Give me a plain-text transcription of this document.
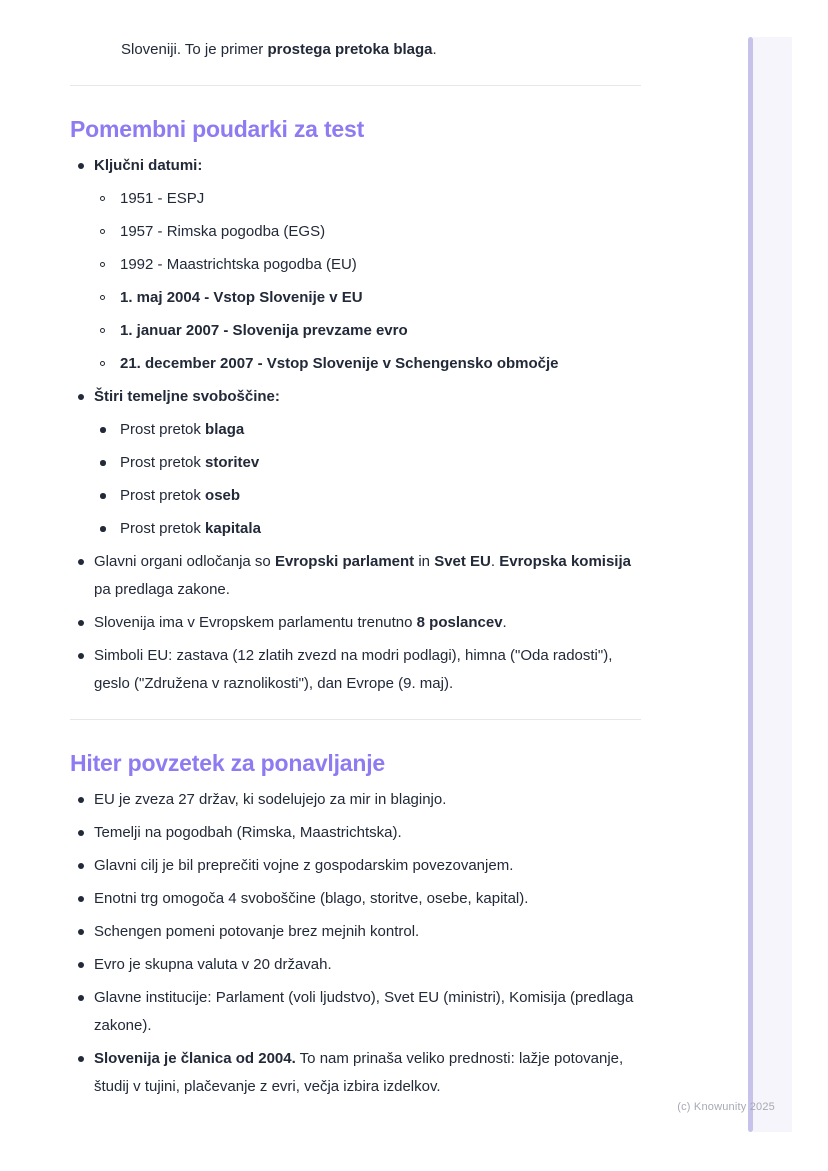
Sloveniji. To je primer prostega pretoka blaga.
Pomembni poudarki za test
Ključni datumi:
1951 - ESPJ
1957 - Rimska pogodba (EGS)
1992 - Maastrichtska pogodba (EU)
1. maj 2004 - Vstop Slovenije v EU
1. januar 2007 - Slovenija prevzame evro
21. december 2007 - Vstop Slovenije v Schengensko območje
Štiri temeljne svoboščine:
Prost pretok blaga
Prost pretok storitev
Prost pretok oseb
Prost pretok kapitala
Glavni organi odločanja so Evropski parlament in Svet EU. Evropska komisija pa predlaga zakone.
Slovenija ima v Evropskem parlamentu trenutno 8 poslancev.
Simboli EU: zastava (12 zlatih zvezd na modri podlagi), himna ("Oda radosti"), geslo ("Združena v raznolikosti"), dan Evrope (9. maj).
Hiter povzetek za ponavljanje
EU je zveza 27 držav, ki sodelujejo za mir in blaginjo.
Temelji na pogodbah (Rimska, Maastrichtska).
Glavni cilj je bil preprečiti vojne z gospodarskim povezovanjem.
Enotni trg omogoča 4 svoboščine (blago, storitve, osebe, kapital).
Schengen pomeni potovanje brez mejnih kontrol.
Evro je skupna valuta v 20 državah.
Glavne institucije: Parlament (voli ljudstvo), Svet EU (ministri), Komisija (predlaga zakone).
Slovenija je članica od 2004. To nam prinaša veliko prednosti: lažje potovanje, študij v tujini, plačevanje z evri, večja izbira izdelkov.
(c) Knowunity 2025
